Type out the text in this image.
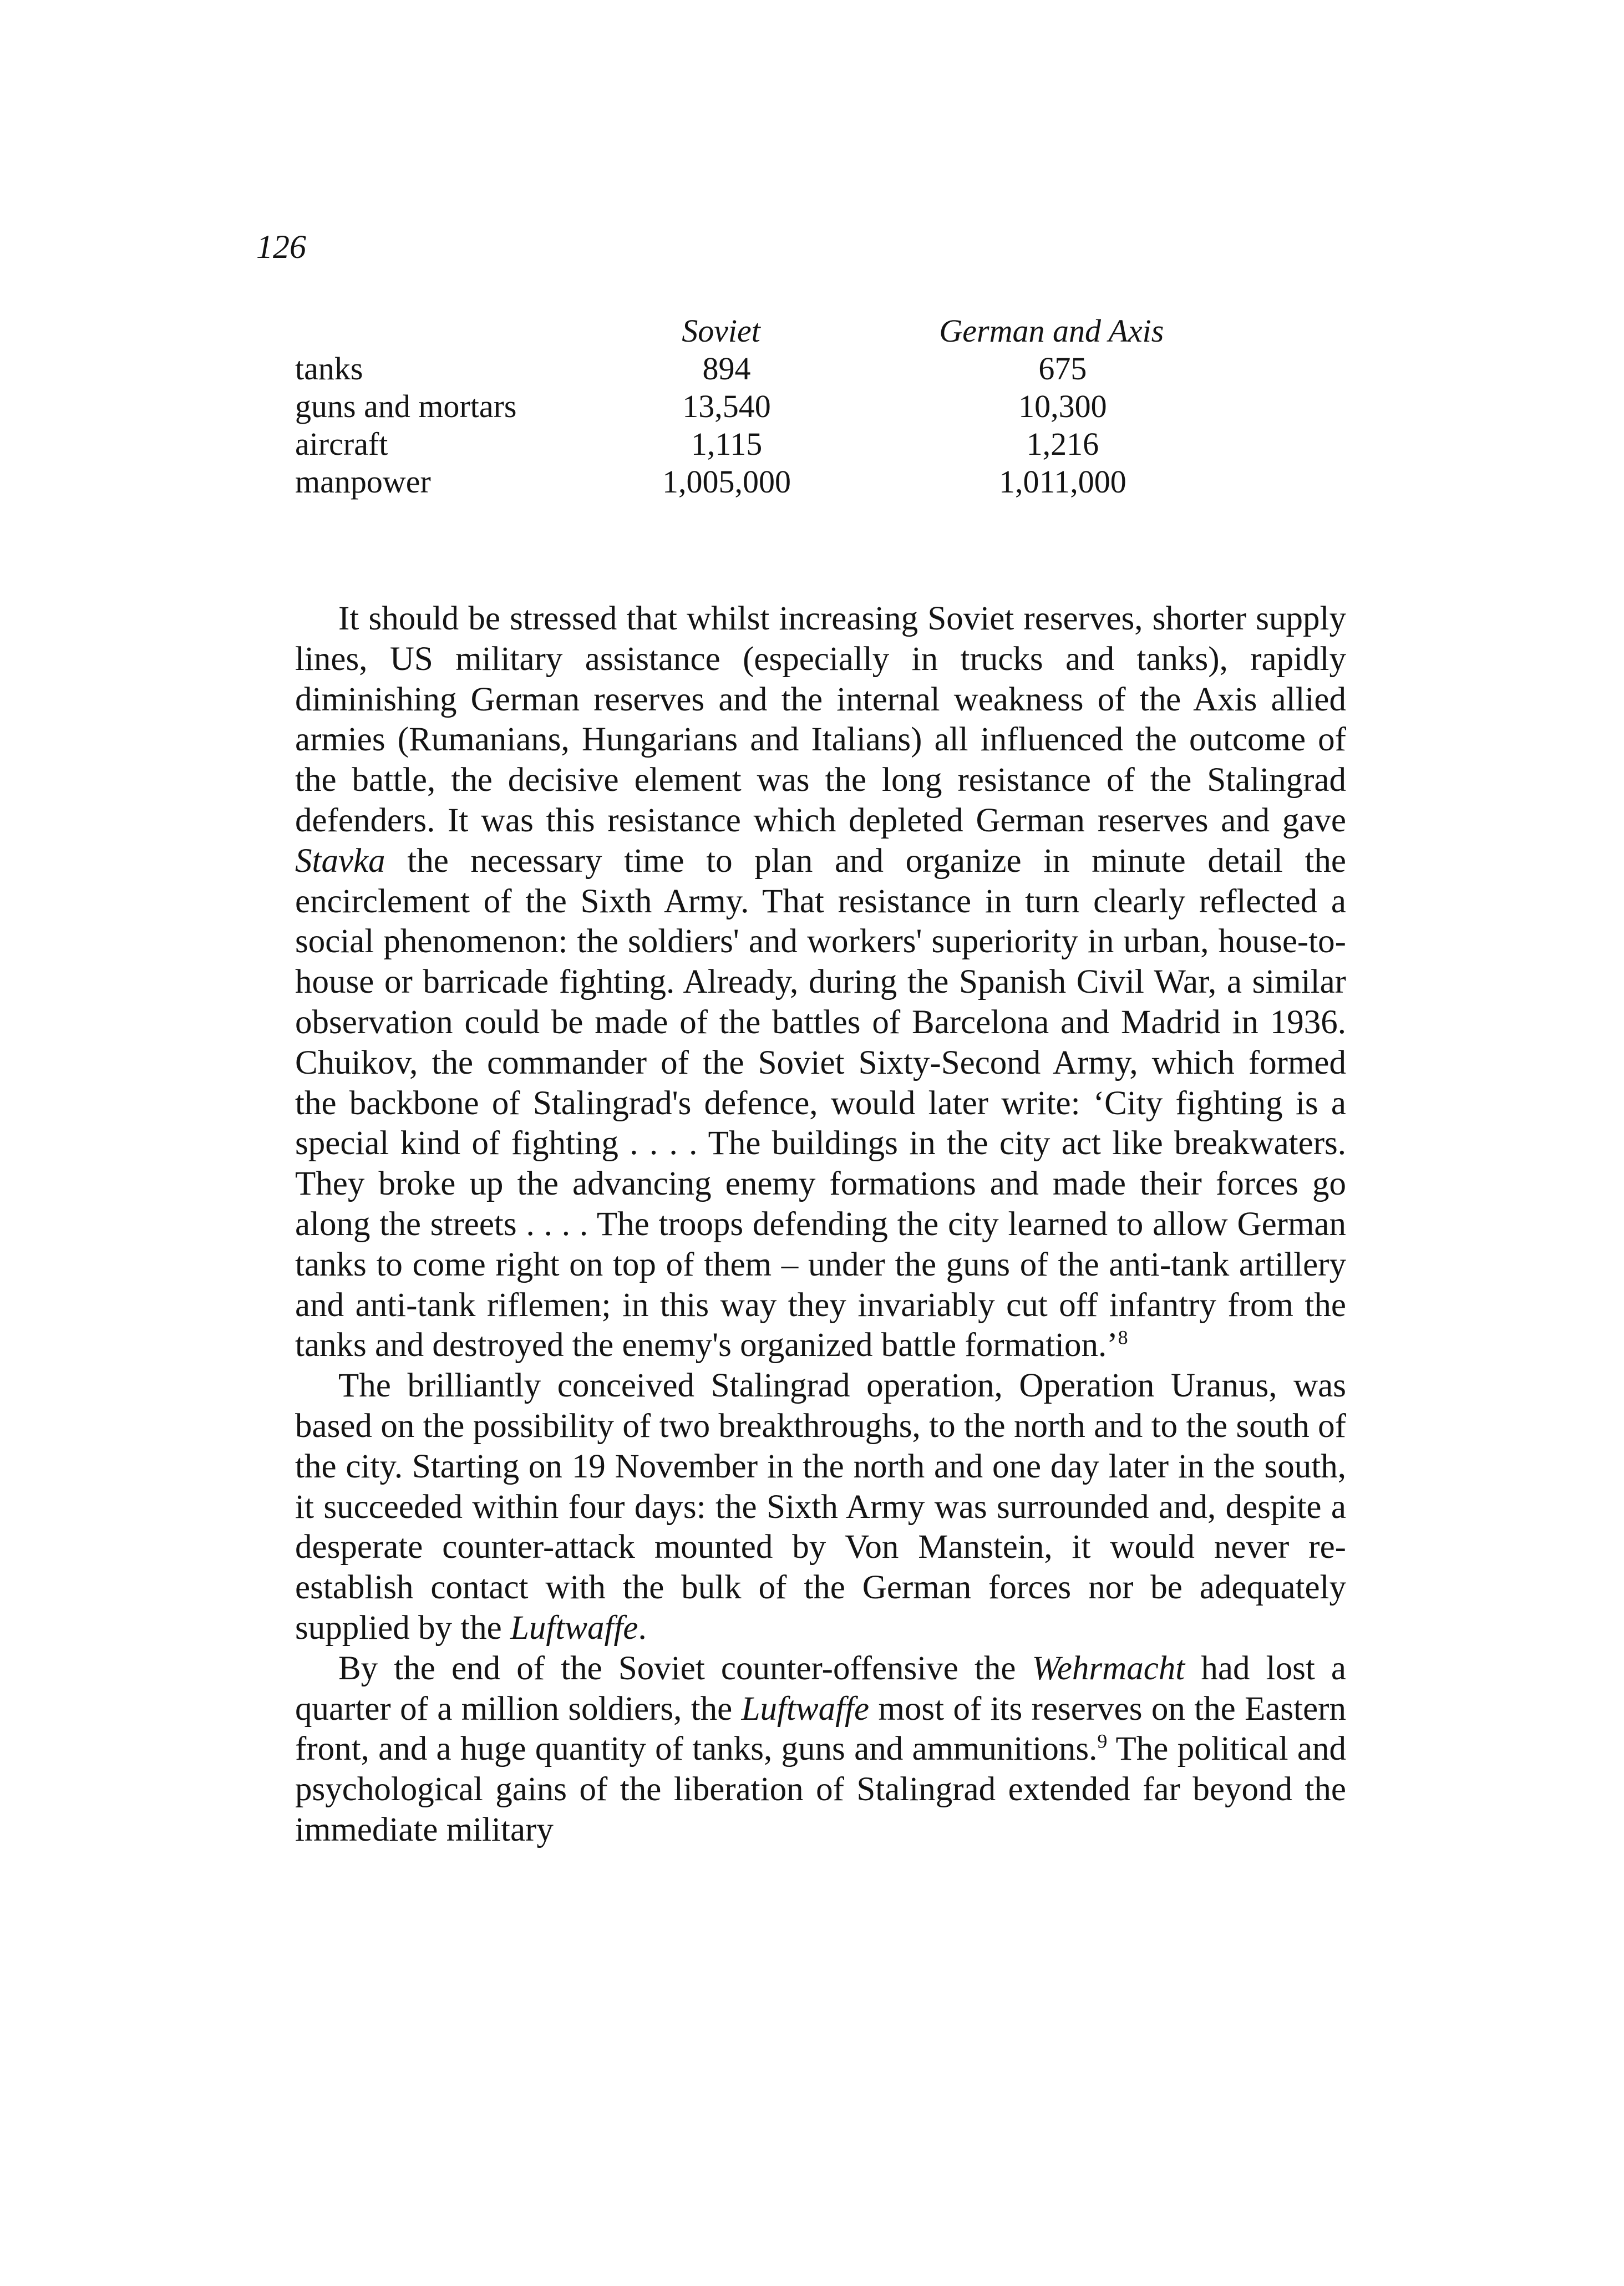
126
	Soviet	German and Axis
tanks	894	675
guns and mortars	13,540	10,300
aircraft	1,115	1,216
manpower	1,005,000	1,011,000

It should be stressed that whilst increasing Soviet reserves, shorter supply lines, US military assistance (especially in trucks and tanks), rapidly diminishing German reserves and the internal weakness of the Axis allied armies (Rumanians, Hungarians and Italians) all influenced the outcome of the battle, the decisive element was the long resistance of the Stalingrad defenders. It was this resistance which depleted German reserves and gave Stavka the necessary time to plan and organize in minute detail the encirclement of the Sixth Army. That resistance in turn clearly reflected a social phenomenon: the soldiers' and workers' superiority in urban, house-to-house or barricade fighting. Already, during the Spanish Civil War, a similar observation could be made of the battles of Barcelona and Madrid in 1936. Chuikov, the commander of the Soviet Sixty-Second Army, which formed the backbone of Stalingrad's defence, would later write: ‘City fighting is a special kind of fighting . . . . The buildings in the city act like breakwaters. They broke up the advancing enemy formations and made their forces go along the streets . . . . The troops defending the city learned to allow German tanks to come right on top of them – under the guns of the anti-tank artillery and anti-tank riflemen; in this way they invariably cut off infantry from the tanks and destroyed the enemy's organized battle formation.’$^8$

The brilliantly conceived Stalingrad operation, Operation Uranus, was based on the possibility of two breakthroughs, to the north and to the south of the city. Starting on 19 November in the north and one day later in the south, it succeeded within four days: the Sixth Army was surrounded and, despite a desperate counter-attack mounted by Von Manstein, it would never re-establish contact with the bulk of the German forces nor be adequately supplied by the Luftwaffe.

By the end of the Soviet counter-offensive the Wehrmacht had lost a quarter of a million soldiers, the Luftwaffe most of its reserves on the Eastern front, and a huge quantity of tanks, guns and ammunitions.$^9$ The political and psychological gains of the liberation of Stalingrad extended far beyond the immediate military
